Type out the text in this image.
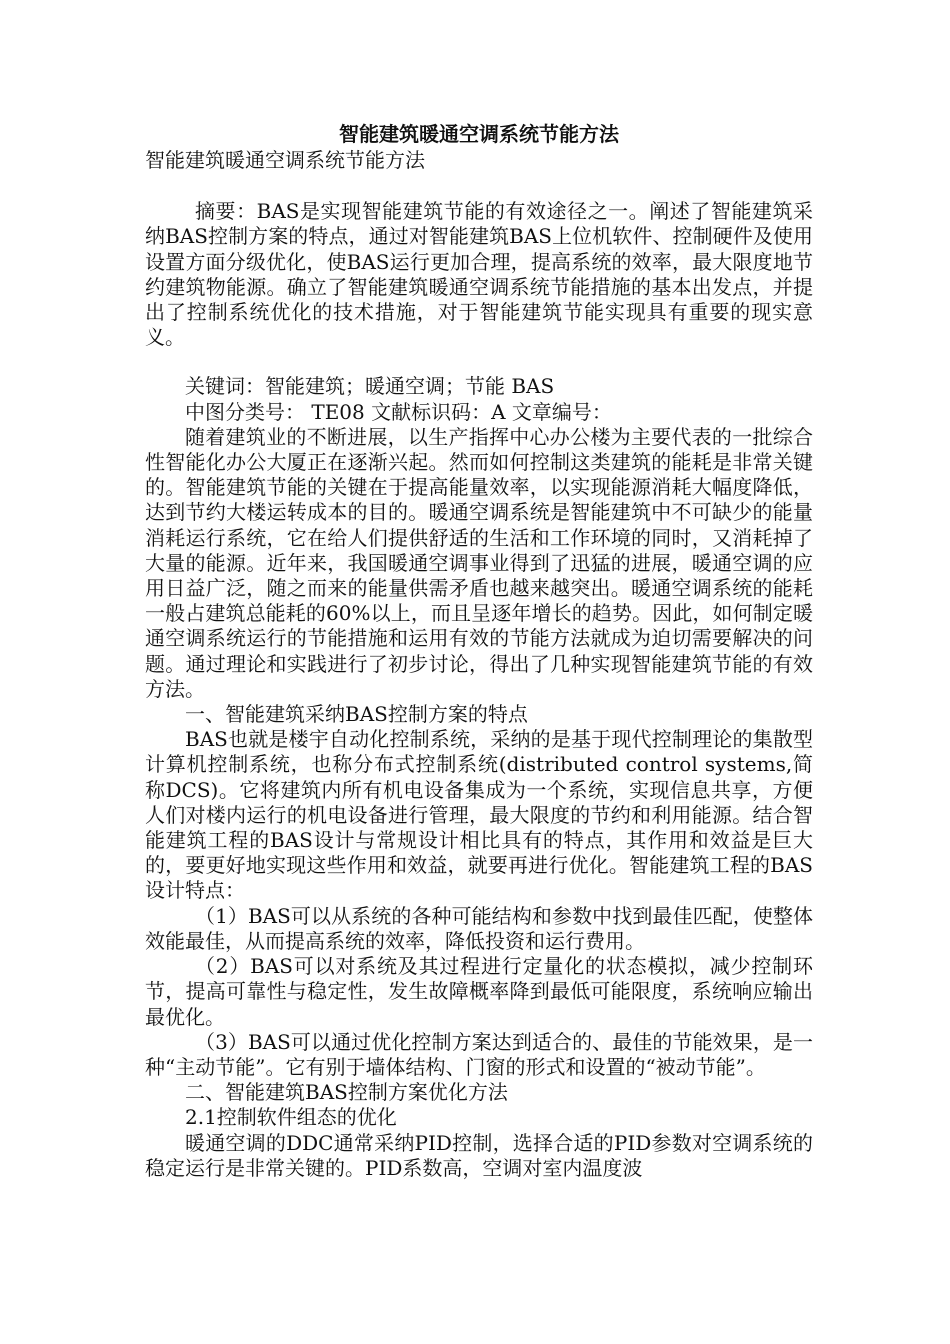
智能建筑暖通空调系统节能方法

智能建筑暖通空调系统节能方法

摘要：BAS是实现智能建筑节能的有效途径之一。阐述了智能建筑采纳BAS控制方案的特点，通过对智能建筑BAS上位机软件、控制硬件及使用设置方面分级优化，使BAS运行更加合理，提高系统的效率，最大限度地节约建筑物能源。确立了智能建筑暖通空调系统节能措施的基本出发点，并提出了控制系统优化的技术措施，对于智能建筑节能实现具有重要的现实意义。

关键词：智能建筑；暖通空调；节能 BAS

中图分类号： TE08 文献标识码：A 文章编号：

随着建筑业的不断进展，以生产指挥中心办公楼为主要代表的一批综合性智能化办公大厦正在逐渐兴起。然而如何控制这类建筑的能耗是非常关键的。智能建筑节能的关键在于提高能量效率，以实现能源消耗大幅度降低，达到节约大楼运转成本的目的。暖通空调系统是智能建筑中不可缺少的能量消耗运行系统，它在给人们提供舒适的生活和工作环境的同时，又消耗掉了大量的能源。近年来，我国暖通空调事业得到了迅猛的进展，暖通空调的应用日益广泛，随之而来的能量供需矛盾也越来越突出。暖通空调系统的能耗一般占建筑总能耗的60%以上，而且呈逐年增长的趋势。因此，如何制定暖通空调系统运行的节能措施和运用有效的节能方法就成为迫切需要解决的问题。通过理论和实践进行了初步讨论，得出了几种实现智能建筑节能的有效方法。

一、智能建筑采纳BAS控制方案的特点

BAS也就是楼宇自动化控制系统，采纳的是基于现代控制理论的集散型计算机控制系统，也称分布式控制系统(distributed control systems,简称DCS)。它将建筑内所有机电设备集成为一个系统，实现信息共享，方便人们对楼内运行的机电设备进行管理，最大限度的节约和利用能源。结合智能建筑工程的BAS设计与常规设计相比具有的特点，其作用和效益是巨大的，要更好地实现这些作用和效益，就要再进行优化。智能建筑工程的BAS设计特点：

（1）BAS可以从系统的各种可能结构和参数中找到最佳匹配，使整体效能最佳，从而提高系统的效率，降低投资和运行费用。

（2）BAS可以对系统及其过程进行定量化的状态模拟，减少控制环节，提高可靠性与稳定性，发生故障概率降到最低可能限度，系统响应输出最优化。

（3）BAS可以通过优化控制方案达到适合的、最佳的节能效果，是一种“主动节能”。它有别于墙体结构、门窗的形式和设置的“被动节能”。

二、智能建筑BAS控制方案优化方法

2.1控制软件组态的优化

暖通空调的DDC通常采纳PID控制，选择合适的PID参数对空调系统的稳定运行是非常关键的。PID系数高，空调对室内温度波
